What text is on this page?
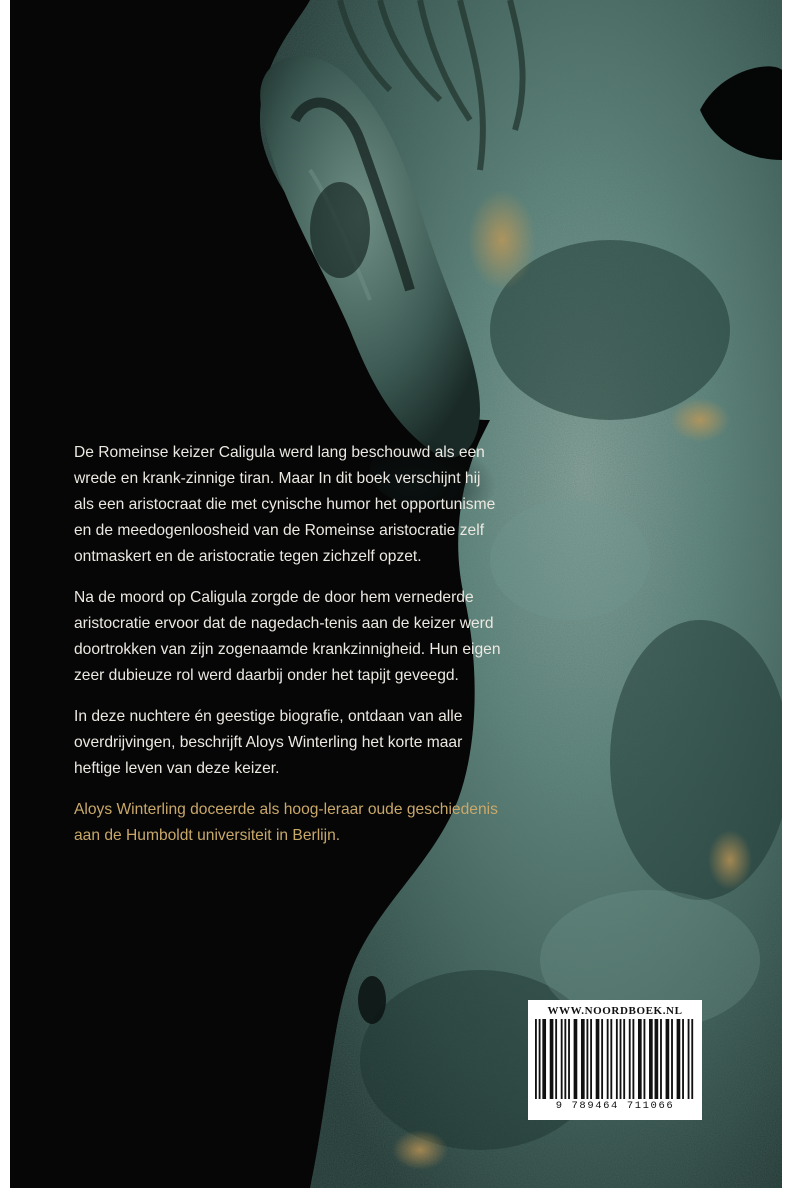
De Romeinse keizer Caligula werd lang beschouwd als een wrede en krank-zinnige tiran. Maar In dit boek verschijnt hij als een aristocraat die met cynische humor het opportunisme en de meedogenloosheid van de Romeinse aristocratie zelf ontmaskert en de aristocratie tegen zichzelf opzet.

Na de moord op Caligula zorgde de door hem vernederde aristocratie ervoor dat de nagedach-tenis aan de keizer werd doortrokken van zijn zogenaamde krankzinnigheid. Hun eigen zeer dubieuze rol werd daarbij onder het tapijt geveegd.

In deze nuchtere én geestige biografie, ontdaan van alle overdrijvingen, beschrijft Aloys Winterling het korte maar heftige leven van deze keizer.

Aloys Winterling doceerde als hoog-leraar oude geschiedenis aan de Humboldt universiteit in Berlijn.

WWW.NOORDBOEK.NL
9 789464 711066
